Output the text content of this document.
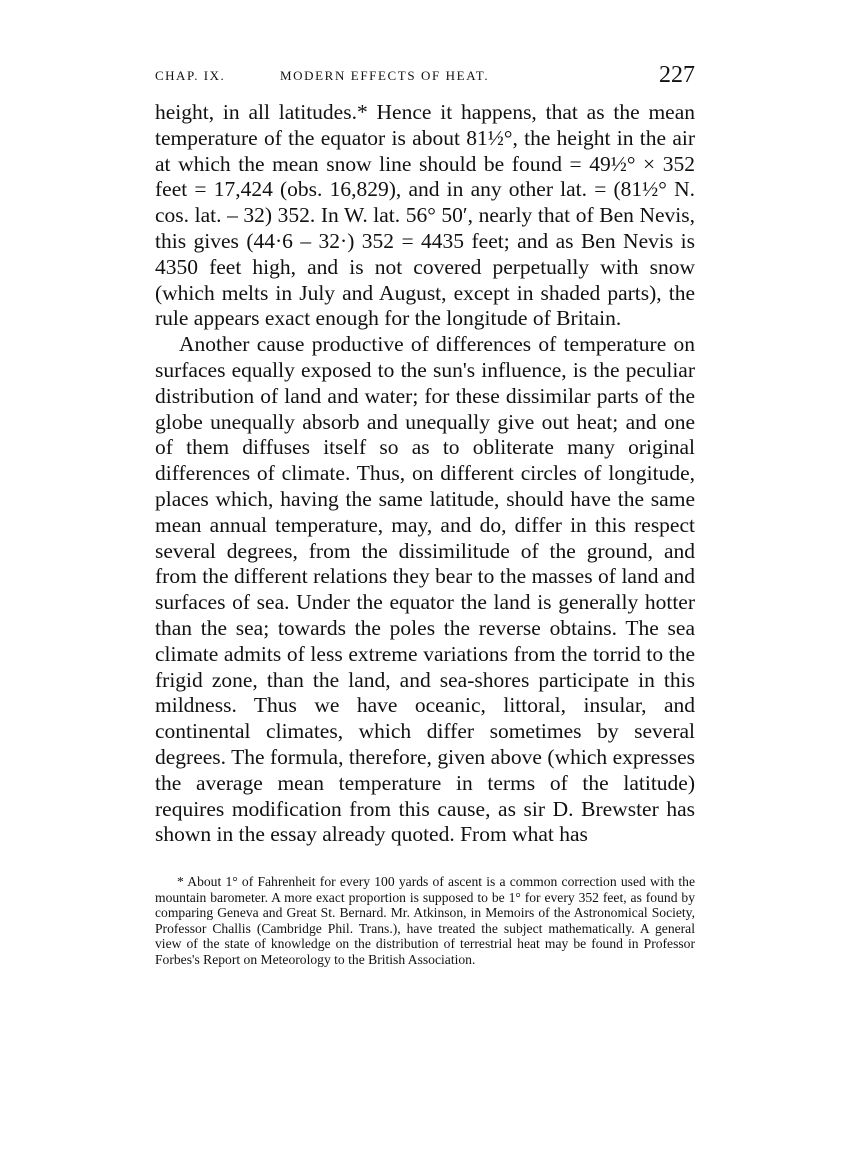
CHAP. IX.	MODERN EFFECTS OF HEAT.	227

height, in all latitudes.* Hence it happens, that as the mean temperature of the equator is about 81½°, the height in the air at which the mean snow line should be found = 49½° × 352 feet = 17,424 (obs. 16,829), and in any other lat. = (81½° N. cos. lat. – 32) 352. In W. lat. 56° 50′, nearly that of Ben Nevis, this gives (44·6 – 32·) 352 = 4435 feet; and as Ben Nevis is 4350 feet high, and is not covered perpetually with snow (which melts in July and August, except in shaded parts), the rule appears exact enough for the longitude of Britain.

Another cause productive of differences of temperature on surfaces equally exposed to the sun's influence, is the peculiar distribution of land and water; for these dissimilar parts of the globe unequally absorb and unequally give out heat; and one of them diffuses itself so as to obliterate many original differences of climate. Thus, on different circles of longitude, places which, having the same latitude, should have the same mean annual temperature, may, and do, differ in this respect several degrees, from the dissimilitude of the ground, and from the different relations they bear to the masses of land and surfaces of sea. Under the equator the land is generally hotter than the sea; towards the poles the reverse obtains. The sea climate admits of less extreme variations from the torrid to the frigid zone, than the land, and sea-shores participate in this mildness. Thus we have oceanic, littoral, insular, and continental climates, which differ sometimes by several degrees. The formula, therefore, given above (which expresses the average mean temperature in terms of the latitude) requires modification from this cause, as sir D. Brewster has shown in the essay already quoted. From what has

* About 1° of Fahrenheit for every 100 yards of ascent is a common correction used with the mountain barometer. A more exact proportion is supposed to be 1° for every 352 feet, as found by comparing Geneva and Great St. Bernard. Mr. Atkinson, in Memoirs of the Astronomical Society, Professor Challis (Cambridge Phil. Trans.), have treated the subject mathematically. A general view of the state of knowledge on the distribution of terrestrial heat may be found in Professor Forbes's Report on Meteorology to the British Association.
